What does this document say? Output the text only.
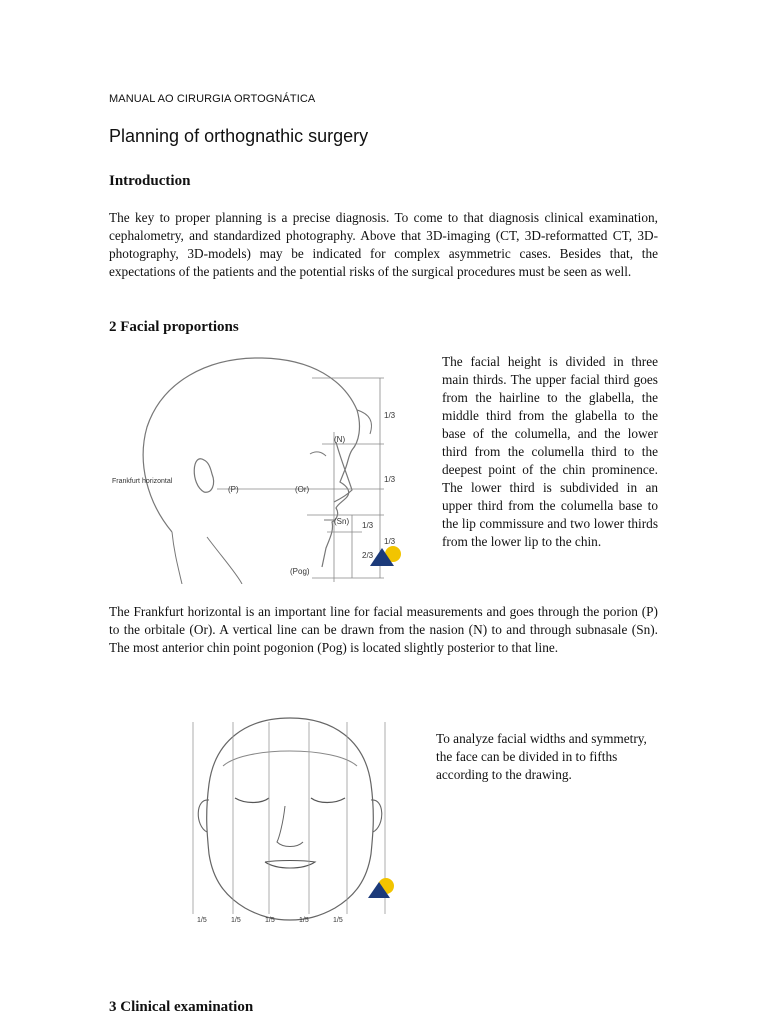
MANUAL AO CIRURGIA ORTOGNÁTICA
Planning of orthognathic surgery
Introduction

The key to proper planning is a precise diagnosis. To come to that diagnosis clinical examination, cephalometry, and standardized photography. Above that 3D-imaging (CT, 3D-reformatted CT, 3D-photography, 3D-models) may be indicated for complex asymmetric cases. Besides that, the expectations of the patients and the potential risks of the surgical procedures must be seen as well.

2 Facial proportions
1/3
1/3
1/3
1/3
2/3
(N)
Frankfurt horizontal
(P)	(Or)
(Sn)
(Pog)

The facial height is divided in three main thirds. The upper facial third goes from the hairline to the glabella, the middle third from the glabella to the base of the columella, and the lower third from the columella third to the deepest point of the chin prominence. The lower third is subdivided in an upper third from the columella base to the lip commissure and two lower thirds from the lower lip to the chin.

The Frankfurt horizontal is an important line for facial measurements and goes through the porion (P) to the orbitale (Or). A vertical line can be drawn from the nasion (N) to and through subnasale (Sn). The most anterior chin point pogonion (Pog) is located slightly posterior to that line.

1/5	1/5	1/5	1/5	1/5

To analyze facial widths and symmetry, the face can be divided in to fifths according to the drawing.

3 Clinical examination
